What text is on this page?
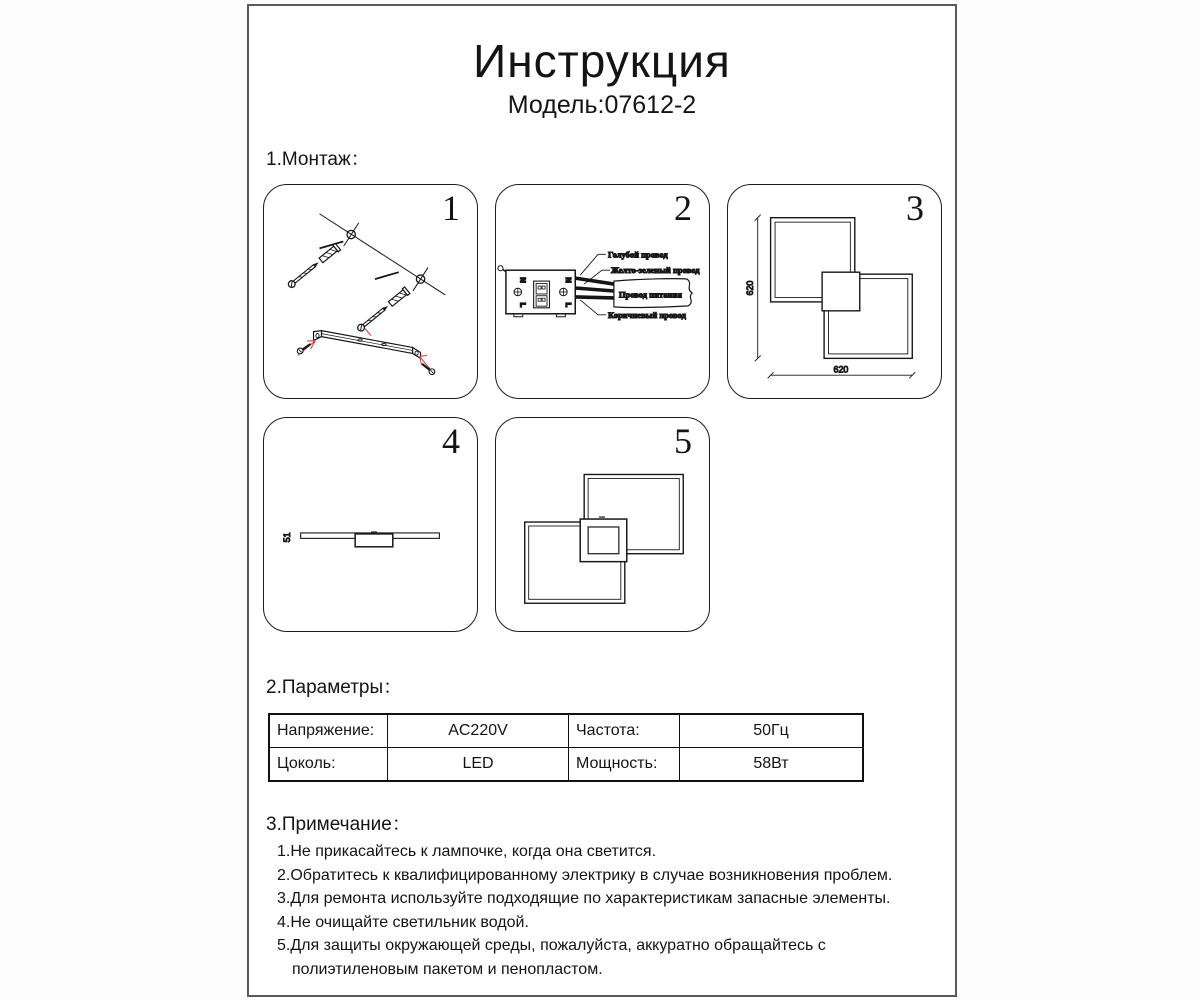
Инструкция
Модель:07612-2
1.Монтаж：
1
N
L
N
L
Провод питания
Голубой провод
Желто-зеленый провод
Коричневый провод
2
620
620
3
51
4	5
2.Параметры：
Напряжение:	AC220V	Частота:	50Гц
Цоколь:	LED	Мощность:	58Вт
3.Примечание：
1.Не прикасайтесь к лампочке, когда она светится.
2.Обратитесь к квалифицированному электрику в случае возникновения проблем.
3.Для ремонта используйте подходящие по характеристикам запасные элементы.
4.Не очищайте светильник водой.
5.Для защиты окружающей среды, пожалуйста, аккуратно обращайтесь с
полиэтиленовым пакетом и пенопластом.
